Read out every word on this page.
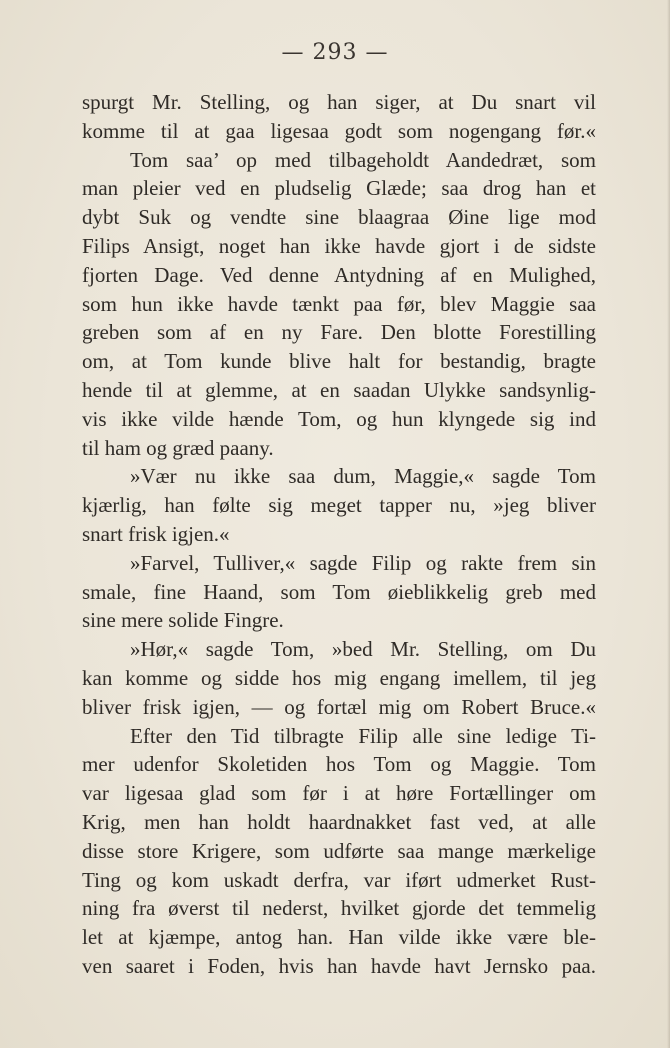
— 293 —
spurgt Mr. Stelling, og han siger, at Du snart vil
komme til at gaa ligesaa godt som nogengang før.«
Tom saa’ op med tilbageholdt Aandedræt, som
man pleier ved en pludselig Glæde; saa drog han et
dybt Suk og vendte sine blaagraa Øine lige mod
Filips Ansigt, noget han ikke havde gjort i de sidste
fjorten Dage. Ved denne Antydning af en Mulighed,
som hun ikke havde tænkt paa før, blev Maggie saa
greben som af en ny Fare. Den blotte Forestilling
om, at Tom kunde blive halt for bestandig, bragte
hende til at glemme, at en saadan Ulykke sandsynlig-
vis ikke vilde hænde Tom, og hun klyngede sig ind
til ham og græd paany.
»Vær nu ikke saa dum, Maggie,« sagde Tom
kjærlig, han følte sig meget tapper nu, »jeg bliver
snart frisk igjen.«
»Farvel, Tulliver,« sagde Filip og rakte frem sin
smale, fine Haand, som Tom øieblikkelig greb med
sine mere solide Fingre.
»Hør,« sagde Tom, »bed Mr. Stelling, om Du
kan komme og sidde hos mig engang imellem, til jeg
bliver frisk igjen, — og fortæl mig om Robert Bruce.«
Efter den Tid tilbragte Filip alle sine ledige Ti-
mer udenfor Skoletiden hos Tom og Maggie. Tom
var ligesaa glad som før i at høre Fortællinger om
Krig, men han holdt haardnakket fast ved, at alle
disse store Krigere, som udførte saa mange mærkelige
Ting og kom uskadt derfra, var iført udmerket Rust-
ning fra øverst til nederst, hvilket gjorde det temmelig
let at kjæmpe, antog han. Han vilde ikke være ble-
ven saaret i Foden, hvis han havde havt Jernsko paa.
